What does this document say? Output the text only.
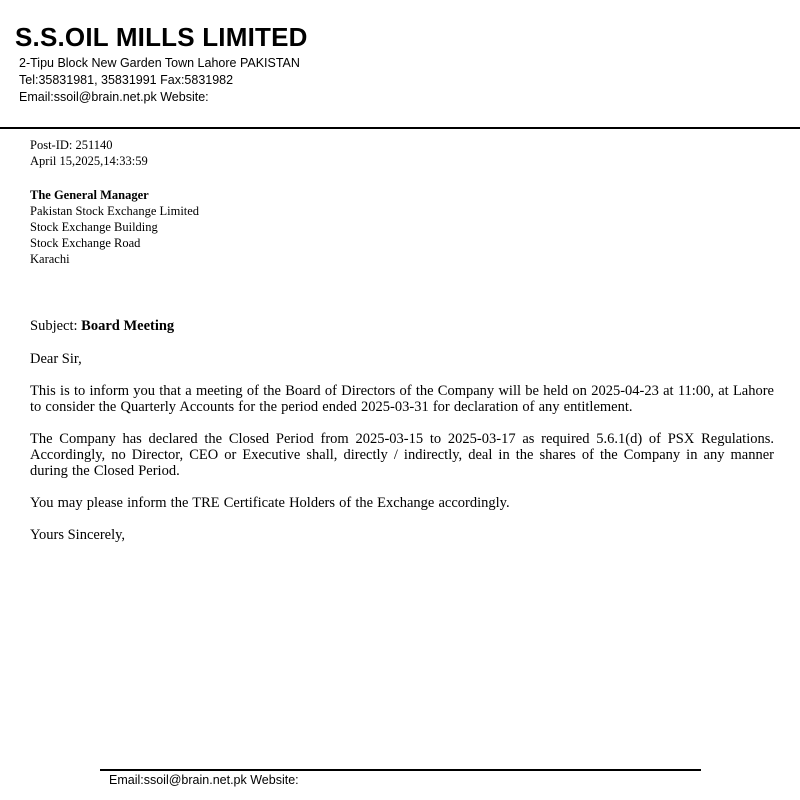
S.S.OIL MILLS LIMITED
2-Tipu Block New Garden Town Lahore PAKISTAN
Tel:35831981, 35831991 Fax:5831982
Email:ssoil@brain.net.pk Website:
Post-ID: 251140
April 15,2025,14:33:59
The General Manager
Pakistan Stock Exchange Limited
Stock Exchange Building
Stock Exchange Road
Karachi
Subject: Board Meeting
Dear Sir,
This is to inform you that a meeting of the Board of Directors of the Company will be held on 2025-04-23 at 11:00, at Lahore to consider the Quarterly Accounts for the period ended 2025-03-31 for declaration of any entitlement.
The Company has declared the Closed Period from 2025-03-15 to 2025-03-17 as required 5.6.1(d) of PSX Regulations. Accordingly, no Director, CEO or Executive shall, directly / indirectly, deal in the shares of the Company in any manner during the Closed Period.
You may please inform the TRE Certificate Holders of the Exchange accordingly.
Yours Sincerely,
Email:ssoil@brain.net.pk Website:
